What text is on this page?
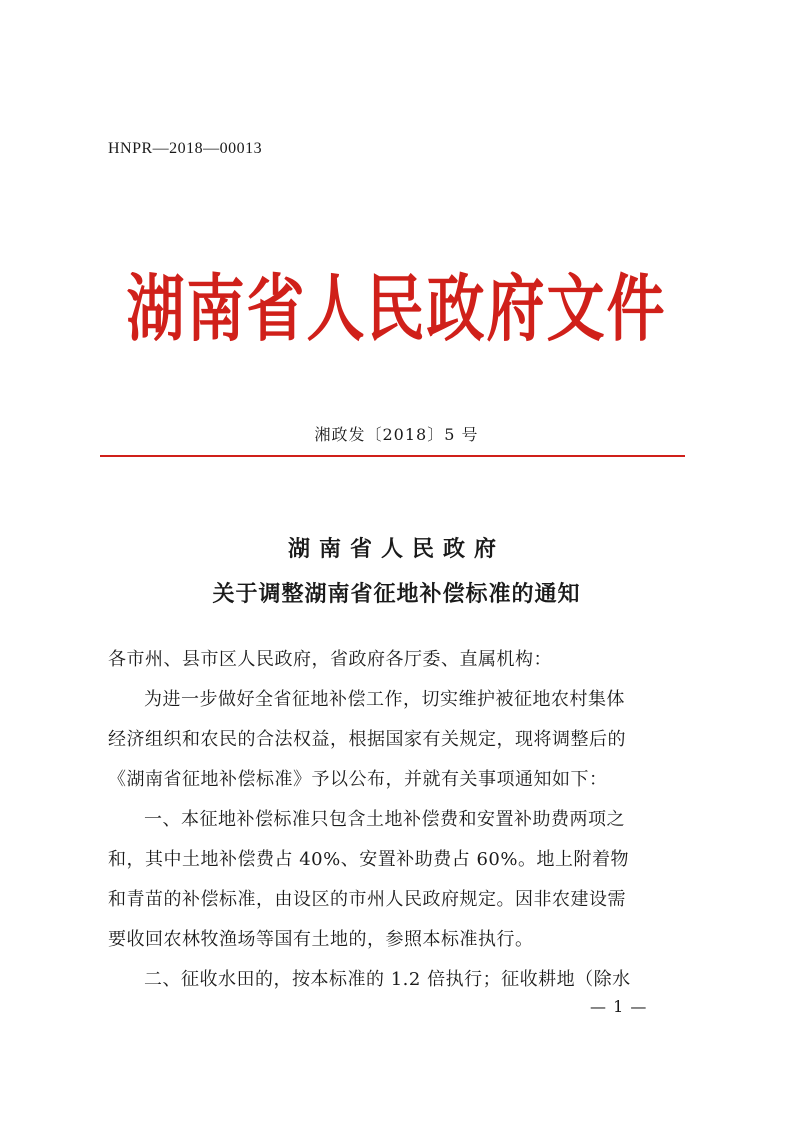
HNPR—2018—00013
湖南省人民政府文件
湘政发〔2018〕5 号
湖南省人民政府
关于调整湖南省征地补偿标准的通知
各市州、县市区人民政府，省政府各厅委、直属机构：
为进一步做好全省征地补偿工作，切实维护被征地农村集体
经济组织和农民的合法权益，根据国家有关规定，现将调整后的
《湖南省征地补偿标准》予以公布，并就有关事项通知如下：
一、本征地补偿标准只包含土地补偿费和安置补助费两项之
和，其中土地补偿费占 40%、安置补助费占 60%。地上附着物
和青苗的补偿标准，由设区的市州人民政府规定。因非农建设需
要收回农林牧渔场等国有土地的，参照本标准执行。
二、征收水田的，按本标准的 1.2 倍执行；征收耕地（除水
— 1 —
